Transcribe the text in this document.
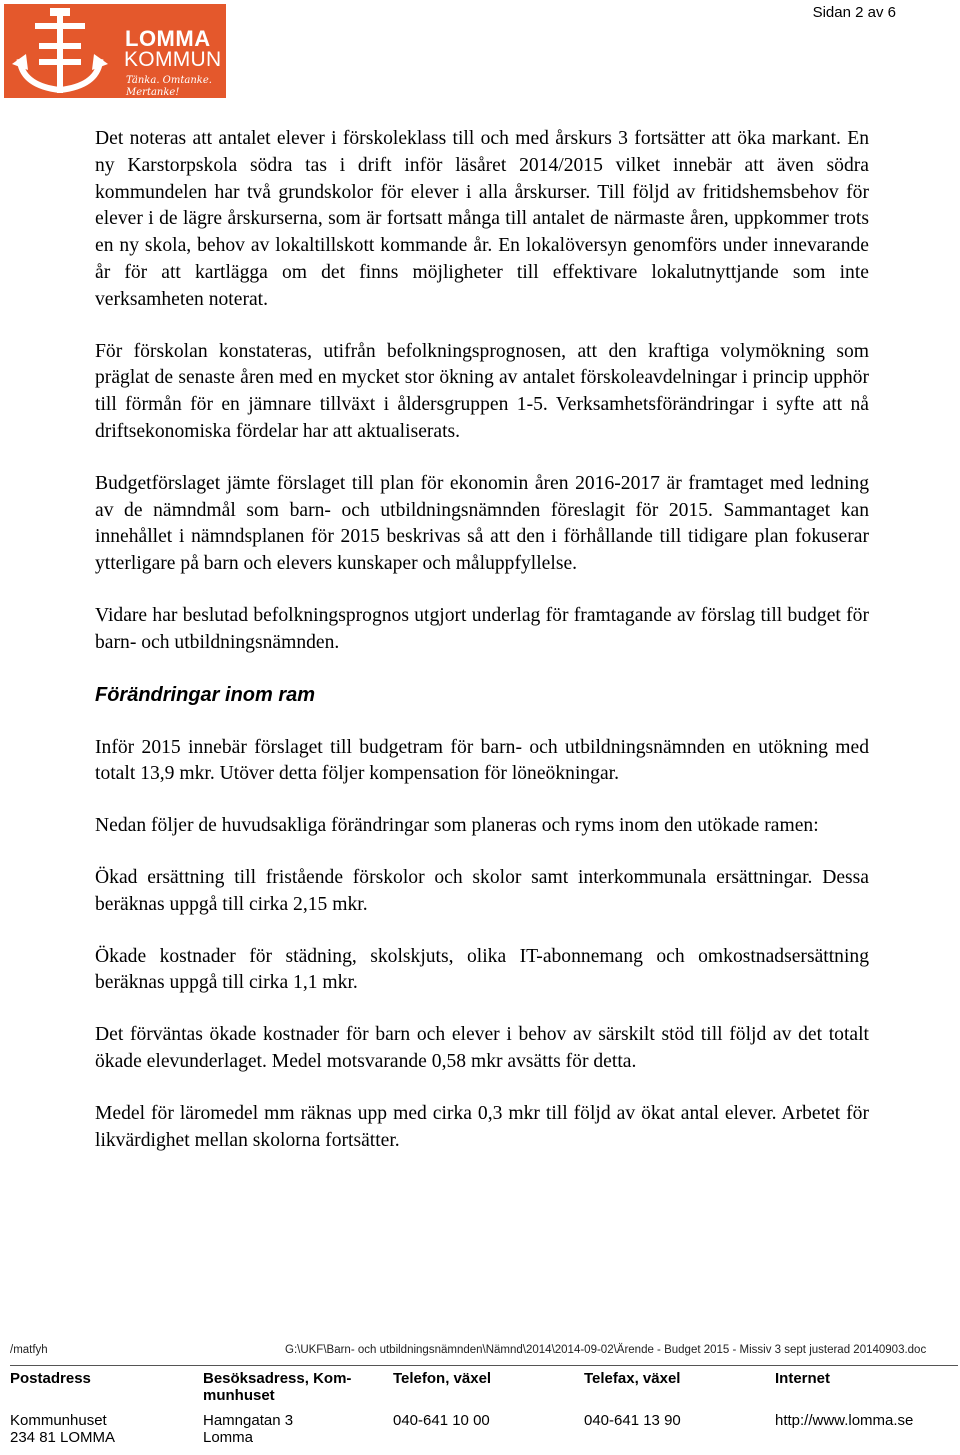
LOMMA
KOMMUN
Tänka. Omtanke. Mertanke!
Sidan 2 av 6

Det noteras att antalet elever i förskoleklass till och med årskurs 3 fortsätter att öka markant. En ny Karstorpskola södra tas i drift inför läsåret 2014/2015 vilket innebär att även södra kommundelen har två grundskolor för elever i alla årskurser. Till följd av fritidshemsbehov för elever i de lägre årskurserna, som är fortsatt många till antalet de närmaste åren, uppkommer trots en ny skola, behov av lokaltillskott kommande år. En lokalöversyn genomförs under innevarande år för att kartlägga om det finns möjligheter till effektivare lokalutnyttjande som inte verksamheten noterat.

För förskolan konstateras, utifrån befolkningsprognosen, att den kraftiga volymökning som präglat de senaste åren med en mycket stor ökning av antalet förskoleavdelningar i princip upphör till förmån för en jämnare tillväxt i åldersgruppen 1-5. Verksamhetsförändringar i syfte att nå driftsekonomiska fördelar har att aktualiserats.

Budgetförslaget jämte förslaget till plan för ekonomin åren 2016-2017 är framtaget med ledning av de nämndmål som barn- och utbildningsnämnden föreslagit för 2015. Sammantaget kan innehållet i nämndsplanen för 2015 beskrivas så att den i förhållande till tidigare plan fokuserar ytterligare på barn och elevers kunskaper och måluppfyllelse.

Vidare har beslutad befolkningsprognos utgjort underlag för framtagande av förslag till budget för barn- och utbildningsnämnden.

Förändringar inom ram

Inför 2015 innebär förslaget till budgetram för barn- och utbildningsnämnden en utökning med totalt 13,9 mkr. Utöver detta följer kompensation för löneökningar.

Nedan följer de huvudsakliga förändringar som planeras och ryms inom den utökade ramen:

Ökad ersättning till fristående förskolor och skolor samt interkommunala ersättningar. Dessa beräknas uppgå till cirka 2,15 mkr.

Ökade kostnader för städning, skolskjuts, olika IT-abonnemang och omkostnadsersättning beräknas uppgå till cirka 1,1 mkr.

Det förväntas ökade kostnader för barn och elever i behov av särskilt stöd till följd av det totalt ökade elevunderlaget. Medel motsvarande 0,58 mkr avsätts för detta.

Medel för läromedel mm räknas upp med cirka 0,3 mkr till följd av ökat antal elever. Arbetet för likvärdighet mellan skolorna fortsätter.

/matfyh	G:\UKF\Barn- och utbildningsnämnden\Nämnd\2014\2014-09-02\Ärende - Budget 2015 - Missiv 3 sept justerad 20140903.doc
Postadress
Kommunhuset
234 81 LOMMA
Besöksadress, Kom-
munhuset
Hamngatan 3
Lomma
Telefon, växel
040-641 10 00
Telefax, växel
040-641 13 90
Internet
http://www.lomma.se
